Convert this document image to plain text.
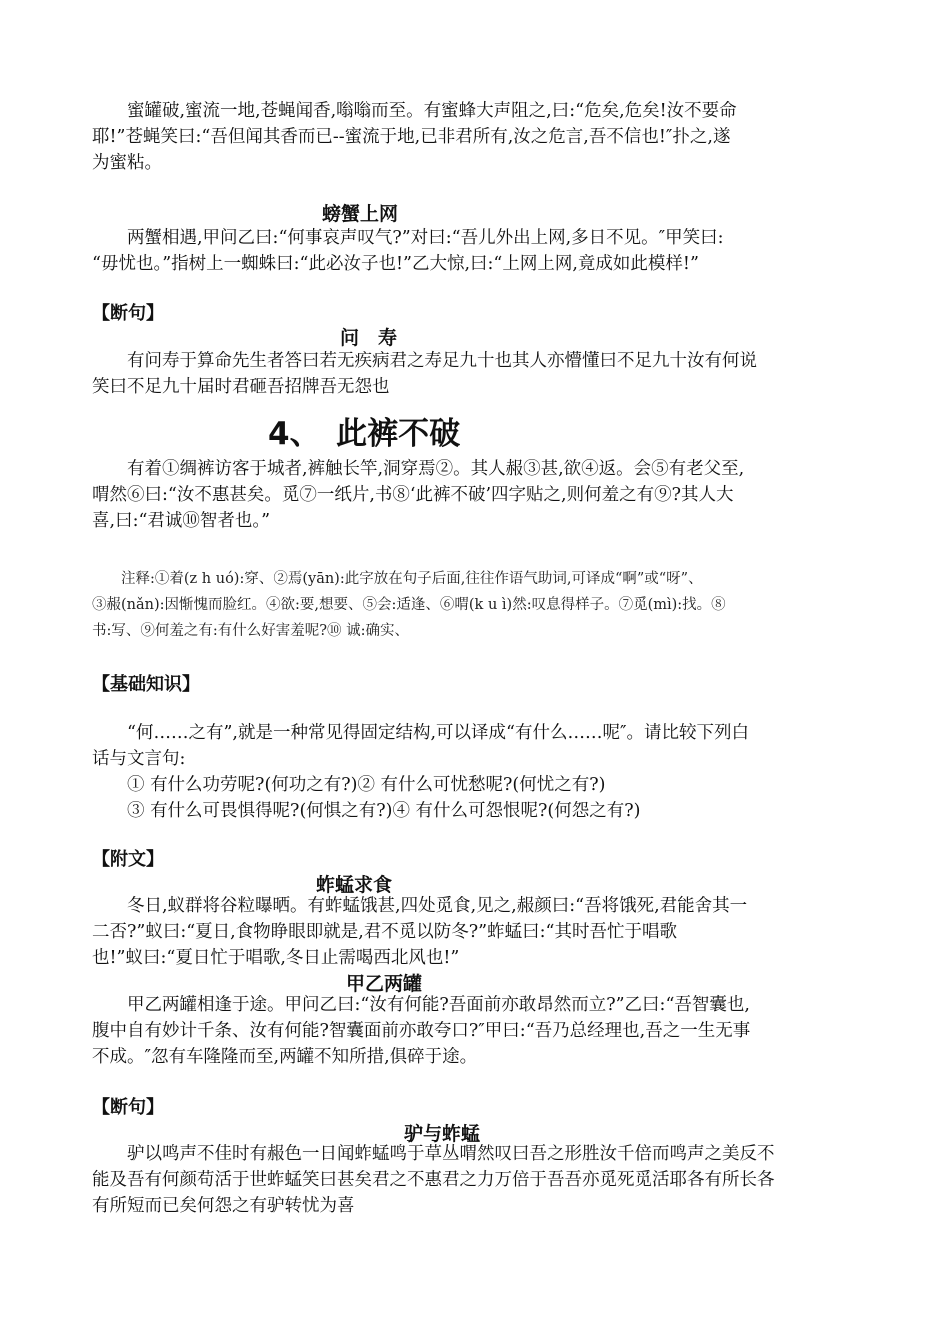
　　蜜罐破,蜜流一地,苍蝇闻香,嗡嗡而至。有蜜蜂大声阻之,曰:“危矣,危矣!汝不要命
耶!”苍蝇笑曰:“吾但闻其香而已--蜜流于地,已非君所有,汝之危言,吾不信也!″扑之,遂
为蜜粘。
螃蟹上网
　　两蟹相遇,甲问乙曰:“何事哀声叹气?”对曰:“吾儿外出上网,多日不见。″甲笑曰:
“毋忧也。”指树上一蜘蛛曰:“此必汝子也!”乙大惊,曰:“上网上网,竟成如此模样!”
【断句】
问　寿
　　有问寿于算命先生者答曰若无疾病君之寿足九十也其人亦懵懂曰不足九十汝有何说
笑曰不足九十届时君砸吾招牌吾无怨也
4、　此裤不破
　　有着①绸裤访客于城者,裤触长竿,洞穿焉②。其人赧③甚,欲④返。会⑤有老父至,
喟然⑥曰:“汝不惠甚矣。觅⑦一纸片,书⑧‘此裤不破’四字贴之,则何羞之有⑨?其人大
喜,曰:“君诚⑩智者也。”
　　注释:①着(z h uó):穿、②焉(yān):此字放在句子后面,往往作语气助词,可译成“啊”或“呀”、
③赧(nǎn):因惭愧而脸红。④欲:要,想要、⑤会:适逢、⑥喟(k u ì)然:叹息得样子。⑦觅(mì):找。⑧
书:写、⑨何羞之有:有什么好害羞呢?⑩ 诚:确实、
【基础知识】
　　“何……之有”,就是一种常见得固定结构,可以译成“有什么……呢″。请比较下列白
话与文言句:
　　① 有什么功劳呢?(何功之有?)② 有什么可忧愁呢?(何忧之有?)
　　③ 有什么可畏惧得呢?(何惧之有?)④ 有什么可怨恨呢?(何怨之有?)
【附文】
蚱蜢求食
　　冬日,蚁群将谷粒曝晒。有蚱蜢饿甚,四处觅食,见之,赧颜曰:“吾将饿死,君能舍其一
二否?”蚁曰:“夏日,食物睁眼即就是,君不觅以防冬?”蚱蜢曰:“其时吾忙于唱歌
也!”蚁曰:“夏日忙于唱歌,冬日止需喝西北风也!”
甲乙两罐
　　甲乙两罐相逢于途。甲问乙曰:“汝有何能?吾面前亦敢昂然而立?”乙曰:“吾智囊也,
腹中自有妙计千条、汝有何能?智囊面前亦敢夸口?″甲曰:“吾乃总经理也,吾之一生无事
不成。″忽有车隆隆而至,两罐不知所措,俱碎于途。
【断句】
驴与蚱蜢
　　驴以鸣声不佳时有赧色一日闻蚱蜢鸣于草丛喟然叹曰吾之形胜汝千倍而鸣声之美反不
能及吾有何颜苟活于世蚱蜢笑曰甚矣君之不惠君之力万倍于吾吾亦觅死觅活耶各有所长各
有所短而已矣何怨之有驴转忧为喜
